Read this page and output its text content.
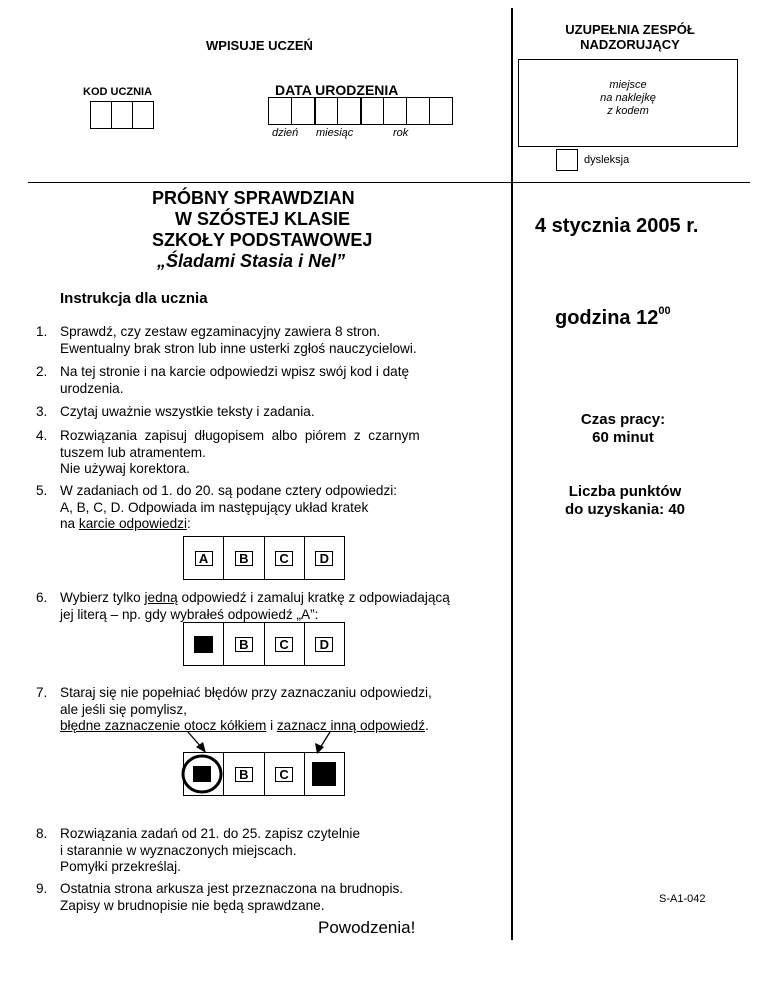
WPISUJE UCZEŃ
KOD UCZNIA	DATA URODZENIA
dzień miesiąc	rok
UZUPEŁNIA ZESPÓŁ
NADZORUJĄCY
miejsce
na naklejkę
z kodem
dysleksja
PRÓBNY SPRAWDZIAN
W SZÓSTEJ KLASIE
SZKOŁY PODSTAWOWEJ
„Śladami Stasia i Nel”
4 stycznia 2005 r.
godzina $12^{00}$
Czas pracy:
60 minut
Liczba punktów
do uzyskania: 40
S-A1-042
Instrukcja dla ucznia
1. Sprawdź, czy zestaw egzaminacyjny zawiera 8 stron.
Ewentualny brak stron lub inne usterki zgłoś nauczycielowi.
2. Na tej stronie i na karcie odpowiedzi wpisz swój kod i datę
urodzenia.
3. Czytaj uważnie wszystkie teksty i zadania.
4. Rozwiązania  zapisuj  długopisem  albo  piórem  z  czarnym
tuszem lub atramentem.
Nie używaj korektora.
5. W zadaniach od 1. do 20. są podane cztery odpowiedzi:
A, B, C, D. Odpowiada im następujący układ kratek
na karcie odpowiedzi:
A	B	C	D
6. Wybierz tylko jedną odpowiedź i zamaluj kratkę z odpowiadającą
jej literą – np. gdy wybrałeś odpowiedź „A”:
B	C	D
7. Staraj się nie popełniać błędów przy zaznaczaniu odpowiedzi,
ale jeśli się pomylisz,
błędne zaznaczenie otocz kółkiem i zaznacz inną odpowiedź.
B	C
8. Rozwiązania zadań od 21. do 25. zapisz czytelnie
i starannie w wyznaczonych miejscach.
Pomyłki przekreślaj.
9. Ostatnia strona arkusza jest przeznaczona na brudnopis.
Zapisy w brudnopisie nie będą sprawdzane.
Powodzenia!
